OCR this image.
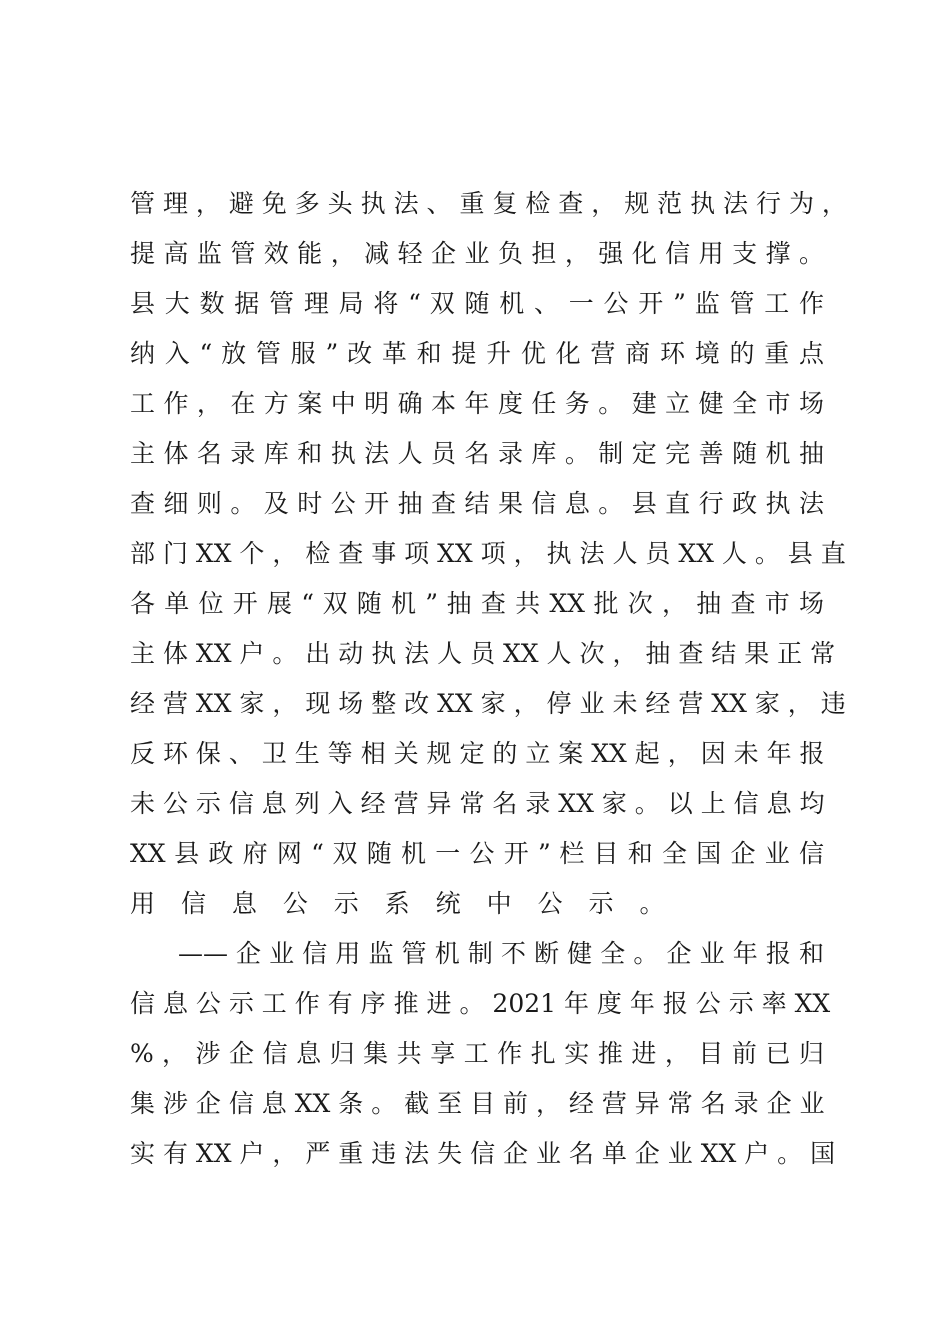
管 理 ， 避 免 多 头 执 法 、 重 复 检 查 ， 规 范 执 法 行 为 ，
提 高 监 管 效 能 ， 减 轻 企 业 负 担 ， 强 化 信 用 支 撑 。
县 大 数 据 管 理 局 将 “ 双 随 机 、 一 公 开 ” 监 管 工 作
纳 入 “ 放 管 服 ” 改 革 和 提 升 优 化 营 商 环 境 的 重 点
工 作 ， 在 方 案 中 明 确 本 年 度 任 务 。 建 立 健 全 市 场
主 体 名 录 库 和 执 法 人 员 名 录 库 。 制 定 完 善 随 机 抽
查 细 则 。 及 时 公 开 抽 查 结 果 信 息 。 县 直 行 政 执 法
部 门 XX 个 ， 检 查 事 项 XX 项 ， 执 法 人 员 XX 人 。 县 直
各 单 位 开 展 “ 双 随 机 ” 抽 查 共 XX 批 次 ， 抽 查 市 场
主 体 XX 户 。 出 动 执 法 人 员 XX 人 次 ， 抽 查 结 果 正 常
经 营 XX 家 ， 现 场 整 改 XX 家 ， 停 业 未 经 营 XX 家 ， 违
反 环 保 、 卫 生 等 相 关 规 定 的 立 案 XX 起 ， 因 未 年 报
未 公 示 信 息 列 入 经 营 异 常 名 录 XX 家 。 以 上 信 息 均
XX 县 政 府 网 “ 双 随 机 一 公 开 ” 栏 目 和 全 国 企 业 信
用 信 息 公 示 系 统 中 公 示 。
—— 企 业 信 用 监 管 机 制 不 断 健 全 。 企 业 年 报 和
信 息 公 示 工 作 有 序 推 进 。 2021 年 度 年 报 公 示 率 XX
% ， 涉 企 信 息 归 集 共 享 工 作 扎 实 推 进 ， 目 前 已 归
集 涉 企 信 息 XX 条 。 截 至 目 前 ， 经 营 异 常 名 录 企 业
实 有 XX 户 ， 严 重 违 法 失 信 企 业 名 单 企 业 XX 户 。 国
